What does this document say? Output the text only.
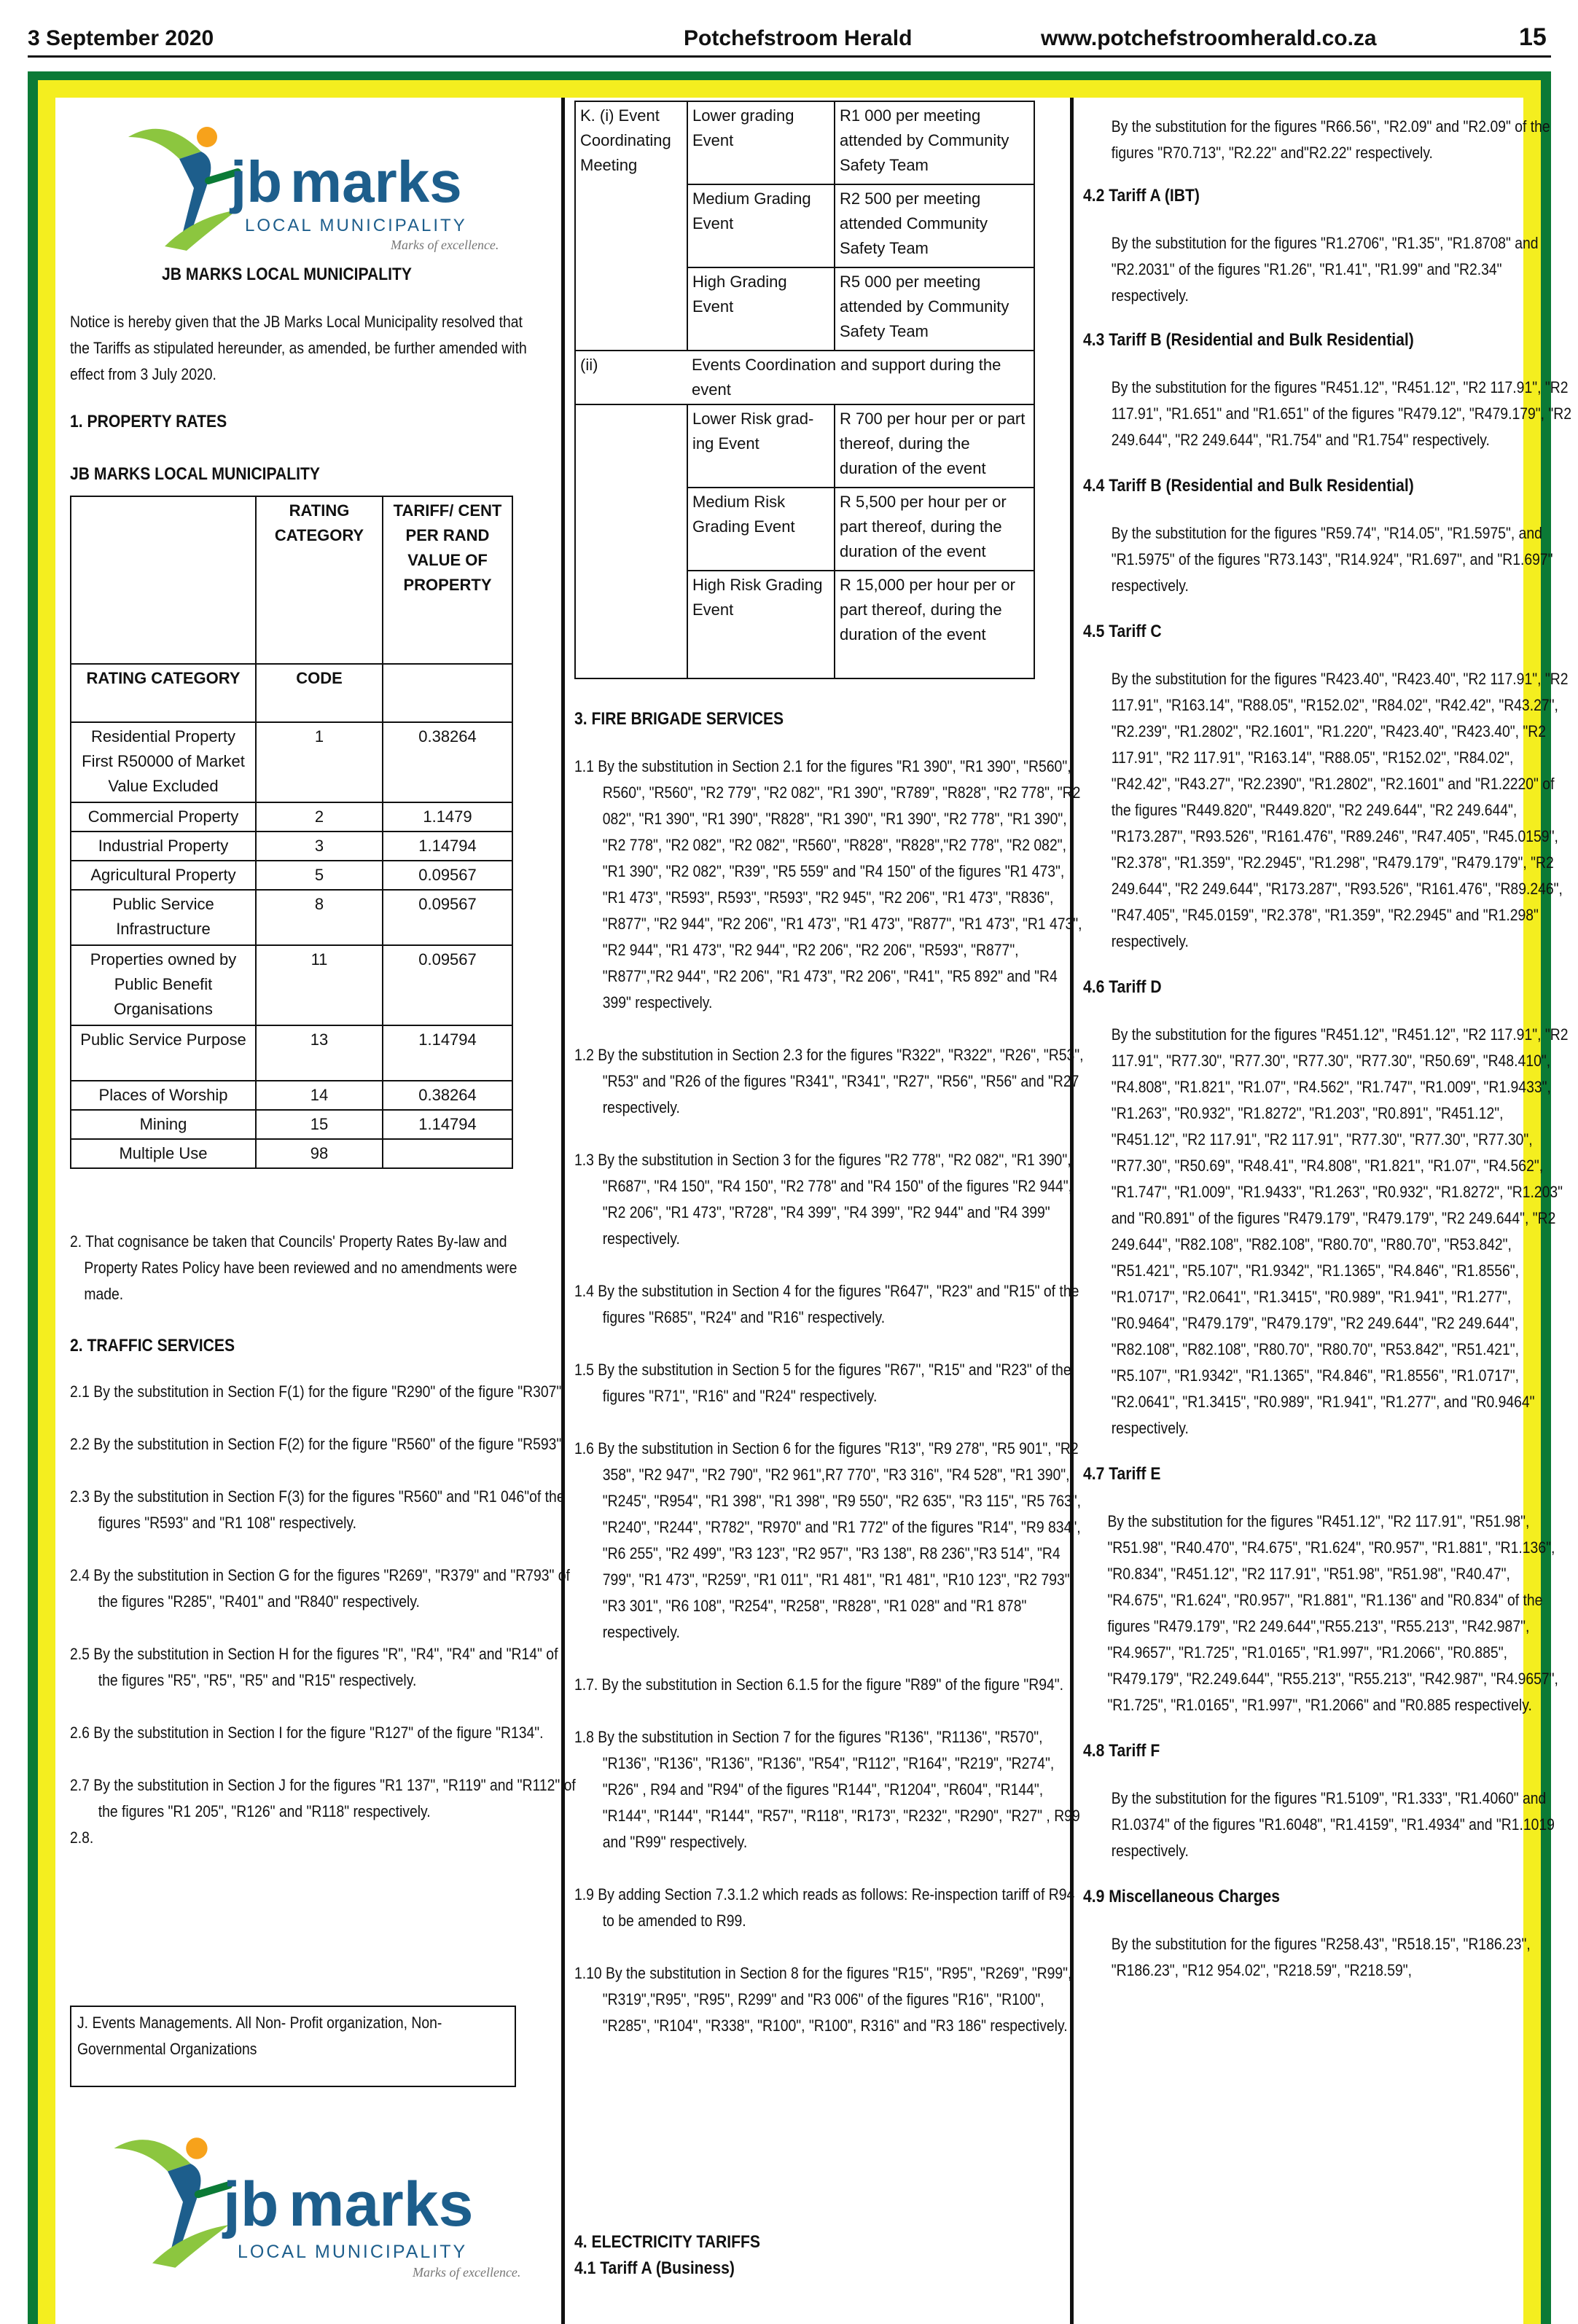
3 September 2020	Potchefstroom Herald	www.potchefstroomherald.co.za	15
jb marks
LOCAL MUNICIPALITY
Marks of excellence.

JB MARKS LOCAL MUNICIPALITY

Notice is hereby given that the JB Marks Local Municipality resolved that the Tariffs as stipulated hereunder, as amended, be further amended with effect from 3 July 2020.

1. PROPERTY RATES

JB MARKS LOCAL MUNICIPALITY

	RATING CATEGORY	TARIFF/ CENT PER RAND VALUE OF PROPERTY
RATING CATEGORY	CODE	
Residential Property First R50000 of Market Value Excluded	1	0.38264
Commercial Property	2	1.1479
Industrial Property	3	1.14794
Agricultural Property	5	0.09567
Public Service Infrastructure	8	0.09567
Properties owned by Public Benefit Organisations	11	0.09567
Public Service Purpose	13	1.14794
Places of Worship	14	0.38264
Mining	15	1.14794
Multiple Use	98	

2. That cognisance be taken that Councils' Property Rates By-law and Property Rates Policy have been reviewed and no amendments were made.

2. TRAFFIC SERVICES

2.1 By the substitution in Section F(1) for the figure "R290" of the figure "R307".

2.2 By the substitution in Section F(2) for the figure "R560" of the figure "R593".

2.3 By the substitution in Section F(3) for the figures "R560" and "R1 046"of the figures "R593" and "R1 108" respectively.

2.4 By the substitution in Section G for the figures "R269", "R379" and "R793" of the figures "R285", "R401" and "R840" respectively.

2.5 By the substitution in Section H for the figures "R", "R4", "R4" and "R14" of the figures "R5", "R5", "R5" and "R15" respectively.

2.6 By the substitution in Section I for the figure "R127" of the figure "R134".

2.7 By the substitution in Section J for the figures "R1 137", "R119" and "R112" of the figures "R1 205", "R126" and "R118" respectively.

2.8.

J. Events Managements. All Non- Profit organization, Non-Governmental Organizations

jb marks
LOCAL MUNICIPALITY
Marks of excellence.
K. (i) Event Coordinating Meeting	Lower grading Event	R1 000 per meeting attended by Community Safety Team
	Medium Grading Event	R2 500 per meeting attended Community Safety Team
	High Grading Event	R5 000 per meeting attended by Community Safety Team
(ii)	Events Coordination and support during the event	
	Lower Risk grad- ing Event	R 700 per hour per or part thereof, during the duration of the event
	Medium Risk Grading Event	R 5,500 per hour per or part thereof, during the duration of the event
	High Risk Grading Event	R 15,000 per hour per or part thereof, during the duration of the event

3. FIRE BRIGADE SERVICES

1.1 By the substitution in Section 2.1 for the figures "R1 390", "R1 390", "R560", R560", "R560", "R2 779", "R2 082", "R1 390", "R789", "R828", "R2 778", "R2 082", "R1 390", "R1 390", "R828", "R1 390", "R1 390", "R2 778", "R1 390", "R2 778", "R2 082", "R2 082", "R560", "R828", "R828","R2 778", "R2 082", "R1 390", "R2 082", "R39", "R5 559" and "R4 150" of the figures "R1 473", "R1 473", "R593", R593", "R593", "R2 945", "R2 206", "R1 473", "R836", "R877", "R2 944", "R2 206", "R1 473", "R1 473", "R877", "R1 473", "R1 473", "R2 944", "R1 473", "R2 944", "R2 206", "R2 206", "R593", "R877", "R877","R2 944", "R2 206", "R1 473", "R2 206", "R41", "R5 892" and "R4 399" respectively.

1.2 By the substitution in Section 2.3 for the figures "R322", "R322", "R26", "R53", "R53" and "R26 of the figures "R341", "R341", "R27", "R56", "R56" and "R27 respectively.

1.3 By the substitution in Section 3 for the figures "R2 778", "R2 082", "R1 390", "R687", "R4 150", "R4 150", "R2 778" and "R4 150" of the figures "R2 944", "R2 206", "R1 473", "R728", "R4 399", "R4 399", "R2 944" and "R4 399" respectively.

1.4 By the substitution in Section 4 for the figures "R647", "R23" and "R15" of the figures "R685", "R24" and "R16" respectively.

1.5 By the substitution in Section 5 for the figures "R67", "R15" and "R23" of the figures "R71", "R16" and "R24" respectively.

1.6 By the substitution in Section 6 for the figures "R13", "R9 278", "R5 901", "R2 358", "R2 947", "R2 790", "R2 961",R7 770", "R3 316", "R4 528", "R1 390", "R245", "R954", "R1 398", "R1 398", "R9 550", "R2 635", "R3 115", "R5 763", "R240", "R244", "R782", "R970" and "R1 772" of the figures "R14", "R9 834", "R6 255", "R2 499", "R3 123", "R2 957", "R3 138", R8 236","R3 514", "R4 799", "R1 473", "R259", "R1 011", "R1 481", "R1 481", "R10 123", "R2 793", "R3 301", "R6 108", "R254", "R258", "R828", "R1 028" and "R1 878" respectively.

1.7. By the substitution in Section 6.1.5 for the figure "R89" of the figure "R94".

1.8 By the substitution in Section 7 for the figures "R136", "R1136", "R570", "R136", "R136", "R136", "R136", "R54", "R112", "R164", "R219", "R274", "R26" , R94 and "R94" of the figures "R144", "R1204", "R604", "R144", "R144", "R144", "R144", "R57", "R118", "R173", "R232", "R290", "R27" , R99 and "R99" respectively.

1.9 By adding Section 7.3.1.2 which reads as follows: Re-inspection tariff of R94 to be amended to R99.

1.10 By the substitution in Section 8 for the figures "R15", "R95", "R269", "R99", "R319","R95", "R95", R299" and "R3 006" of the figures "R16", "R100", "R285", "R104", "R338", "R100", "R100", R316" and "R3 186" respectively.

4. ELECTRICITY TARIFFS

4.1 Tariff A (Business)

By the substitution for the figures "R66.56", "R2.09" and "R2.09" of the figures "R70.713", "R2.22" and"R2.22" respectively.

4.2 Tariff A (IBT)

By the substitution for the figures "R1.2706", "R1.35", "R1.8708" and "R2.2031" of the figures "R1.26", "R1.41", "R1.99" and "R2.34" respectively.

4.3 Tariff B (Residential and Bulk Residential)

By the substitution for the figures "R451.12", "R451.12", "R2 117.91", "R2 117.91", "R1.651" and "R1.651" of the figures "R479.12", "R479.179", "R2 249.644", "R2 249.644", "R1.754" and "R1.754" respectively.

4.4 Tariff B (Residential and Bulk Residential)

By the substitution for the figures "R59.74", "R14.05", "R1.5975", and "R1.5975" of the figures "R73.143", "R14.924", "R1.697", and "R1.697" respectively.

4.5 Tariff C

By the substitution for the figures "R423.40", "R423.40", "R2 117.91", "R2 117.91", "R163.14", "R88.05", "R152.02", "R84.02", "R42.42", "R43.27", "R2.239", "R1.2802", "R2.1601", "R1.220", "R423.40", "R423.40", "R2 117.91", "R2 117.91", "R163.14", "R88.05", "R152.02", "R84.02", "R42.42", "R43.27", "R2.2390", "R1.2802", "R2.1601" and "R1.2220" of the figures "R449.820", "R449.820", "R2 249.644", "R2 249.644", "R173.287", "R93.526", "R161.476", "R89.246", "R47.405", "R45.0159", "R2.378", "R1.359", "R2.2945", "R1.298", "R479.179", "R479.179", "R2 249.644", "R2 249.644", "R173.287", "R93.526", "R161.476", "R89.246", "R47.405", "R45.0159", "R2.378", "R1.359", "R2.2945" and "R1.298" respectively.

4.6 Tariff D

By the substitution for the figures "R451.12", "R451.12", "R2 117.91", "R2 117.91", "R77.30", "R77.30", "R77.30", "R77.30", "R50.69", "R48.410", "R4.808", "R1.821", "R1.07", "R4.562", "R1.747", "R1.009", "R1.9433", "R1.263", "R0.932", "R1.8272", "R1.203", "R0.891", "R451.12", "R451.12", "R2 117.91", "R2 117.91", "R77.30", "R77.30", "R77.30", "R77.30", "R50.69", "R48.41", "R4.808", "R1.821", "R1.07", "R4.562", "R1.747", "R1.009", "R1.9433", "R1.263", "R0.932", "R1.8272", "R1.203" and "R0.891" of the figures "R479.179", "R479.179", "R2 249.644", "R2 249.644", "R82.108", "R82.108", "R80.70", "R80.70", "R53.842", "R51.421", "R5.107", "R1.9342", "R1.1365", "R4.846", "R1.8556", "R1.0717", "R2.0641", "R1.3415", "R0.989", "R1.941", "R1.277", "R0.9464", "R479.179", "R479.179", "R2 249.644", "R2 249.644", "R82.108", "R82.108", "R80.70", "R80.70", "R53.842", "R51.421", "R5.107", "R1.9342", "R1.1365", "R4.846", "R1.8556", "R1.0717", "R2.0641", "R1.3415", "R0.989", "R1.941", "R1.277", and "R0.9464" respectively.

4.7 Tariff E

By the substitution for the figures "R451.12", "R2 117.91", "R51.98", "R51.98", "R40.470", "R4.675", "R1.624", "R0.957", "R1.881", "R1.136", "R0.834", "R451.12", "R2 117.91", "R51.98", "R51.98", "R40.47", "R4.675", "R1.624", "R0.957", "R1.881", "R1.136" and "R0.834" of the figures "R479.179", "R2 249.644","R55.213", "R55.213", "R42.987", "R4.9657", "R1.725", "R1.0165", "R1.997", "R1.2066", "R0.885", "R479.179", "R2.249.644", "R55.213", "R55.213", "R42.987", "R4.9657", "R1.725", "R1.0165", "R1.997", "R1.2066" and "R0.885 respectively.

4.8 Tariff F

By the substitution for the figures "R1.5109", "R1.333", "R1.4060" and R1.0374" of the figures "R1.6048", "R1.4159", "R1.4934" and "R1.1019 respectively.

4.9 Miscellaneous Charges

By the substitution for the figures "R258.43", "R518.15", "R186.23", "R186.23", "R12 954.02", "R218.59", "R218.59",
